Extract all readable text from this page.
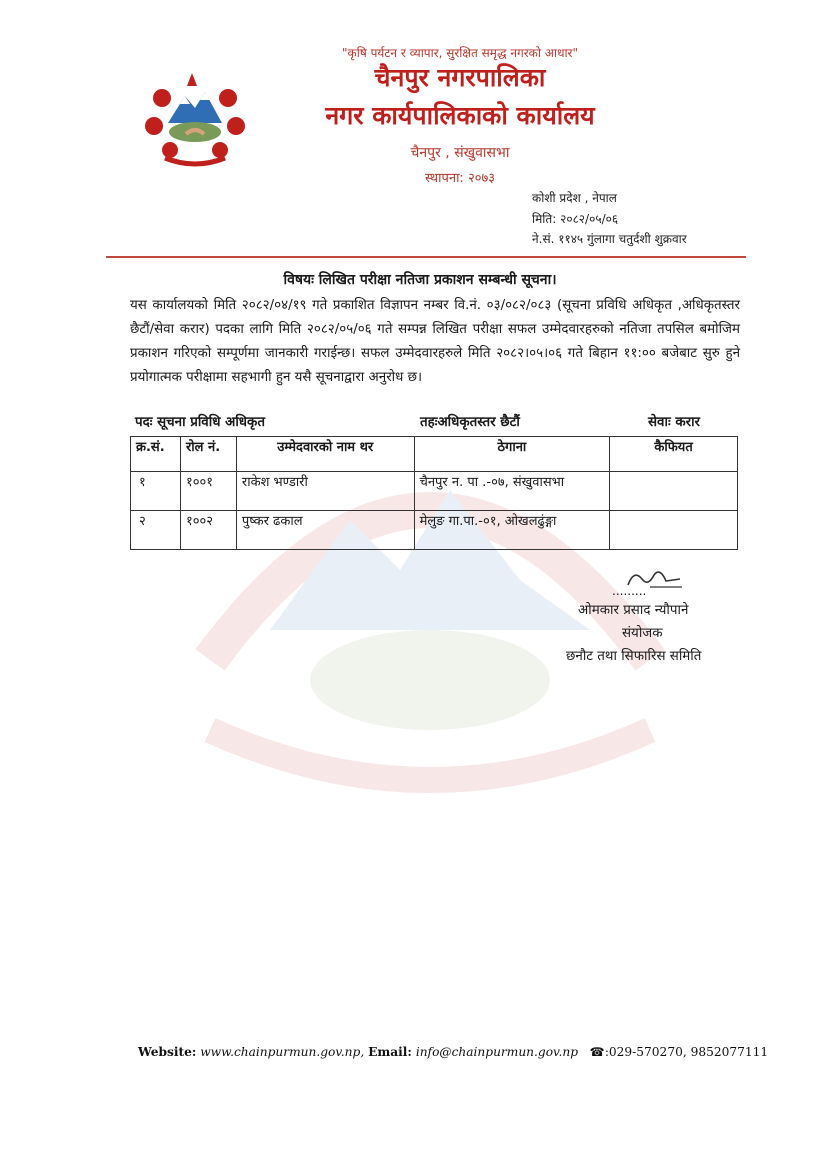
"कृषि पर्यटन र व्यापार, सुरक्षित समृद्ध नगरको आधार"
चैनपुर नगरपालिका
नगर कार्यपालिकाको कार्यालय
चैनपुर , संखुवासभा
स्थापना: २०७३
कोशी प्रदेश , नेपाल
मिति: २०८२/०५/०६
ने.सं. ११४५ गुंलागा चतुर्दशी शुक्रवार
विषयः लिखित परीक्षा नतिजा प्रकाशन सम्बन्धी सूचना।
यस कार्यालयको मिति २०८२/०४/१९ गते प्रकाशित विज्ञापन नम्बर वि.नं. ०३/०८२/०८३ (सूचना प्रविधि अधिकृत ,अधिकृतस्तर छैटौं/सेवा करार) पदका लागि मिति २०८२/०५/०६ गते सम्पन्न लिखित परीक्षा सफल उम्मेदवारहरुको नतिजा तपसिल बमोजिम प्रकाशन गरिएको सम्पूर्णमा जानकारी गराईन्छ। सफल उम्मेदवारहरुले मिति २०८२।०५।०६ गते बिहान ११:०० बजेबाट सुरु हुने प्रयोगात्मक परीक्षामा सहभागी हुन यसै सूचनाद्वारा अनुरोध छ।
पदः सूचना प्रविधि अधिकृत	तहःअधिकृतस्तर छैटौं	सेवाः करार
क्र.सं.	रोल नं.	उम्मेदवारको नाम थर	ठेगाना	कैफियत
१	१००१	राकेश भण्डारी	चैनपुर न. पा .-०७, संखुवासभा	
२	१००२	पुष्कर ढकाल	मेलुङ गा.पा.-०१, ओखलढुंङ्गा	
.........
ओमकार प्रसाद न्यौपाने
संयोजक
छनौट तथा सिफारिस समिति
Website: www.chainpurmun.gov.np, Email: info@chainpurmun.gov.np ☎:029-570270, 9852077111
